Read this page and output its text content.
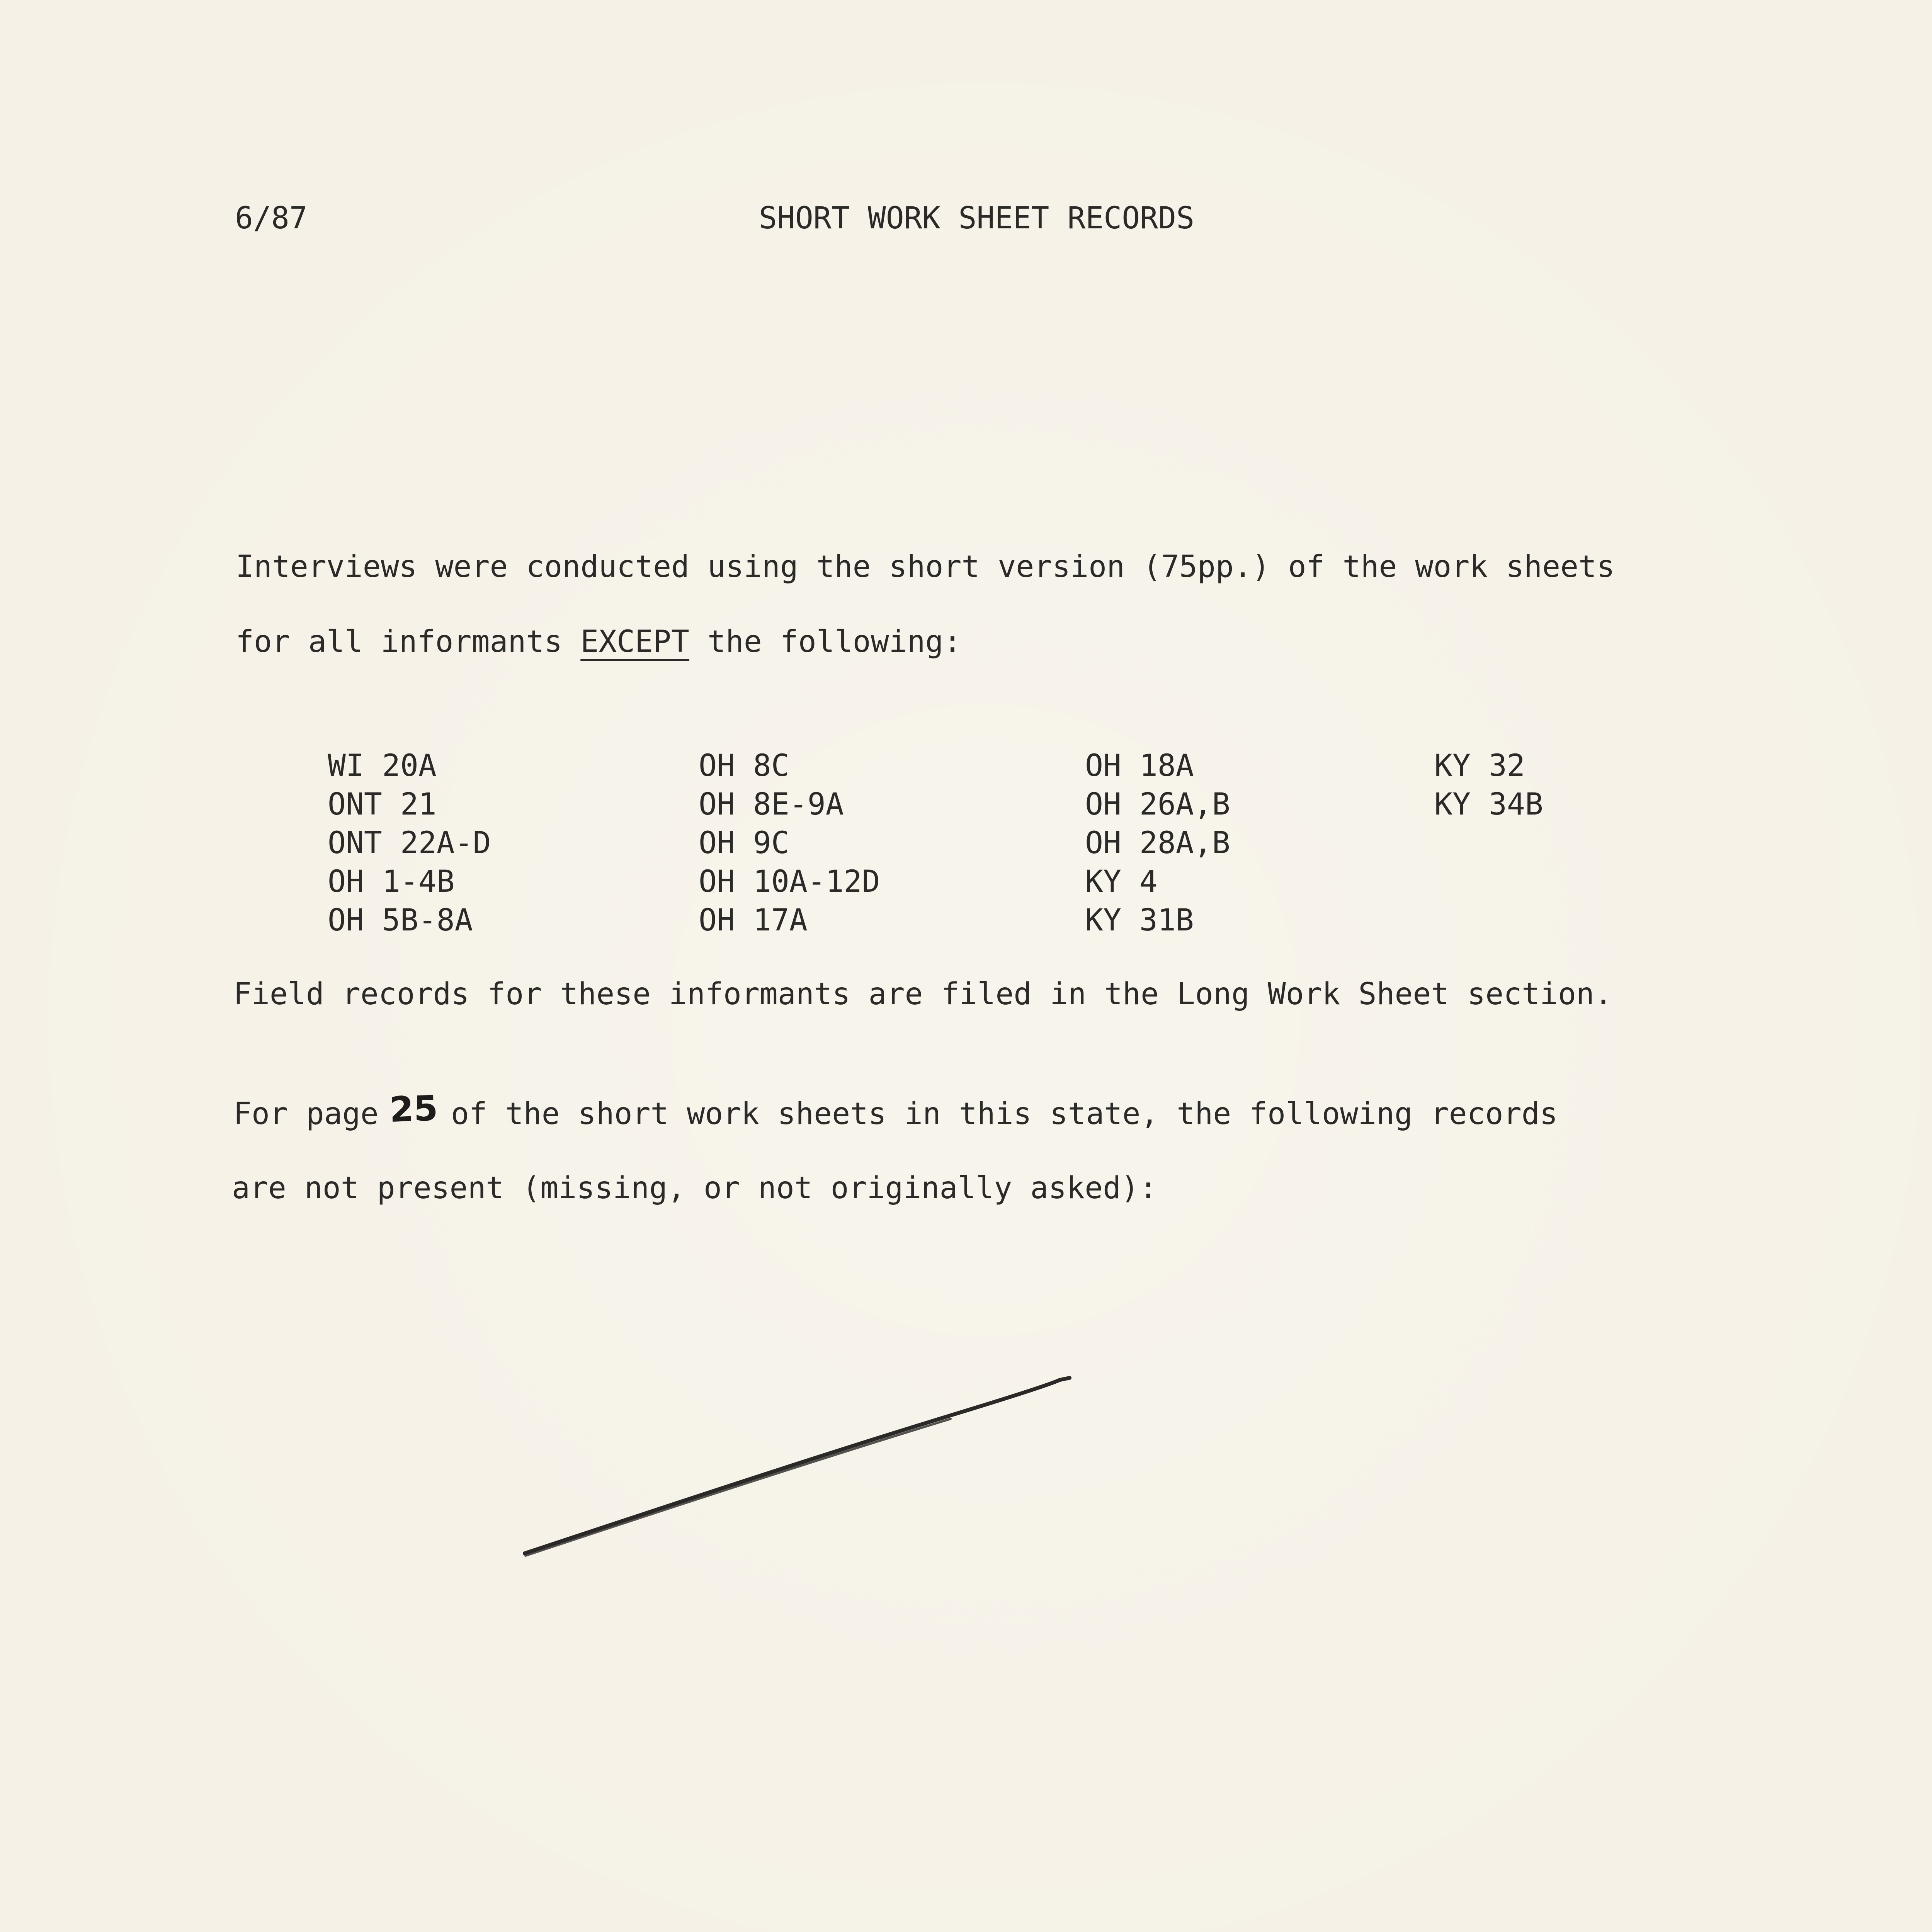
6/87	SHORT WORK SHEET RECORDS
Interviews were conducted using the short version (75pp.) of the work sheets
for all informants EXCEPT the following:
WI 20A
ONT 21
ONT 22A-D
OH 1-4B
OH 5B-8A
OH 8C
OH 8E-9A
OH 9C
OH 10A-12D
OH 17A
OH 18A
OH 26A,B
OH 28A,B
KY 4
KY 31B
KY 32
KY 34B
Field records for these informants are filed in the Long Work Sheet section.
For page 25 of the short work sheets in this state, the following records
are not present (missing, or not originally asked):
